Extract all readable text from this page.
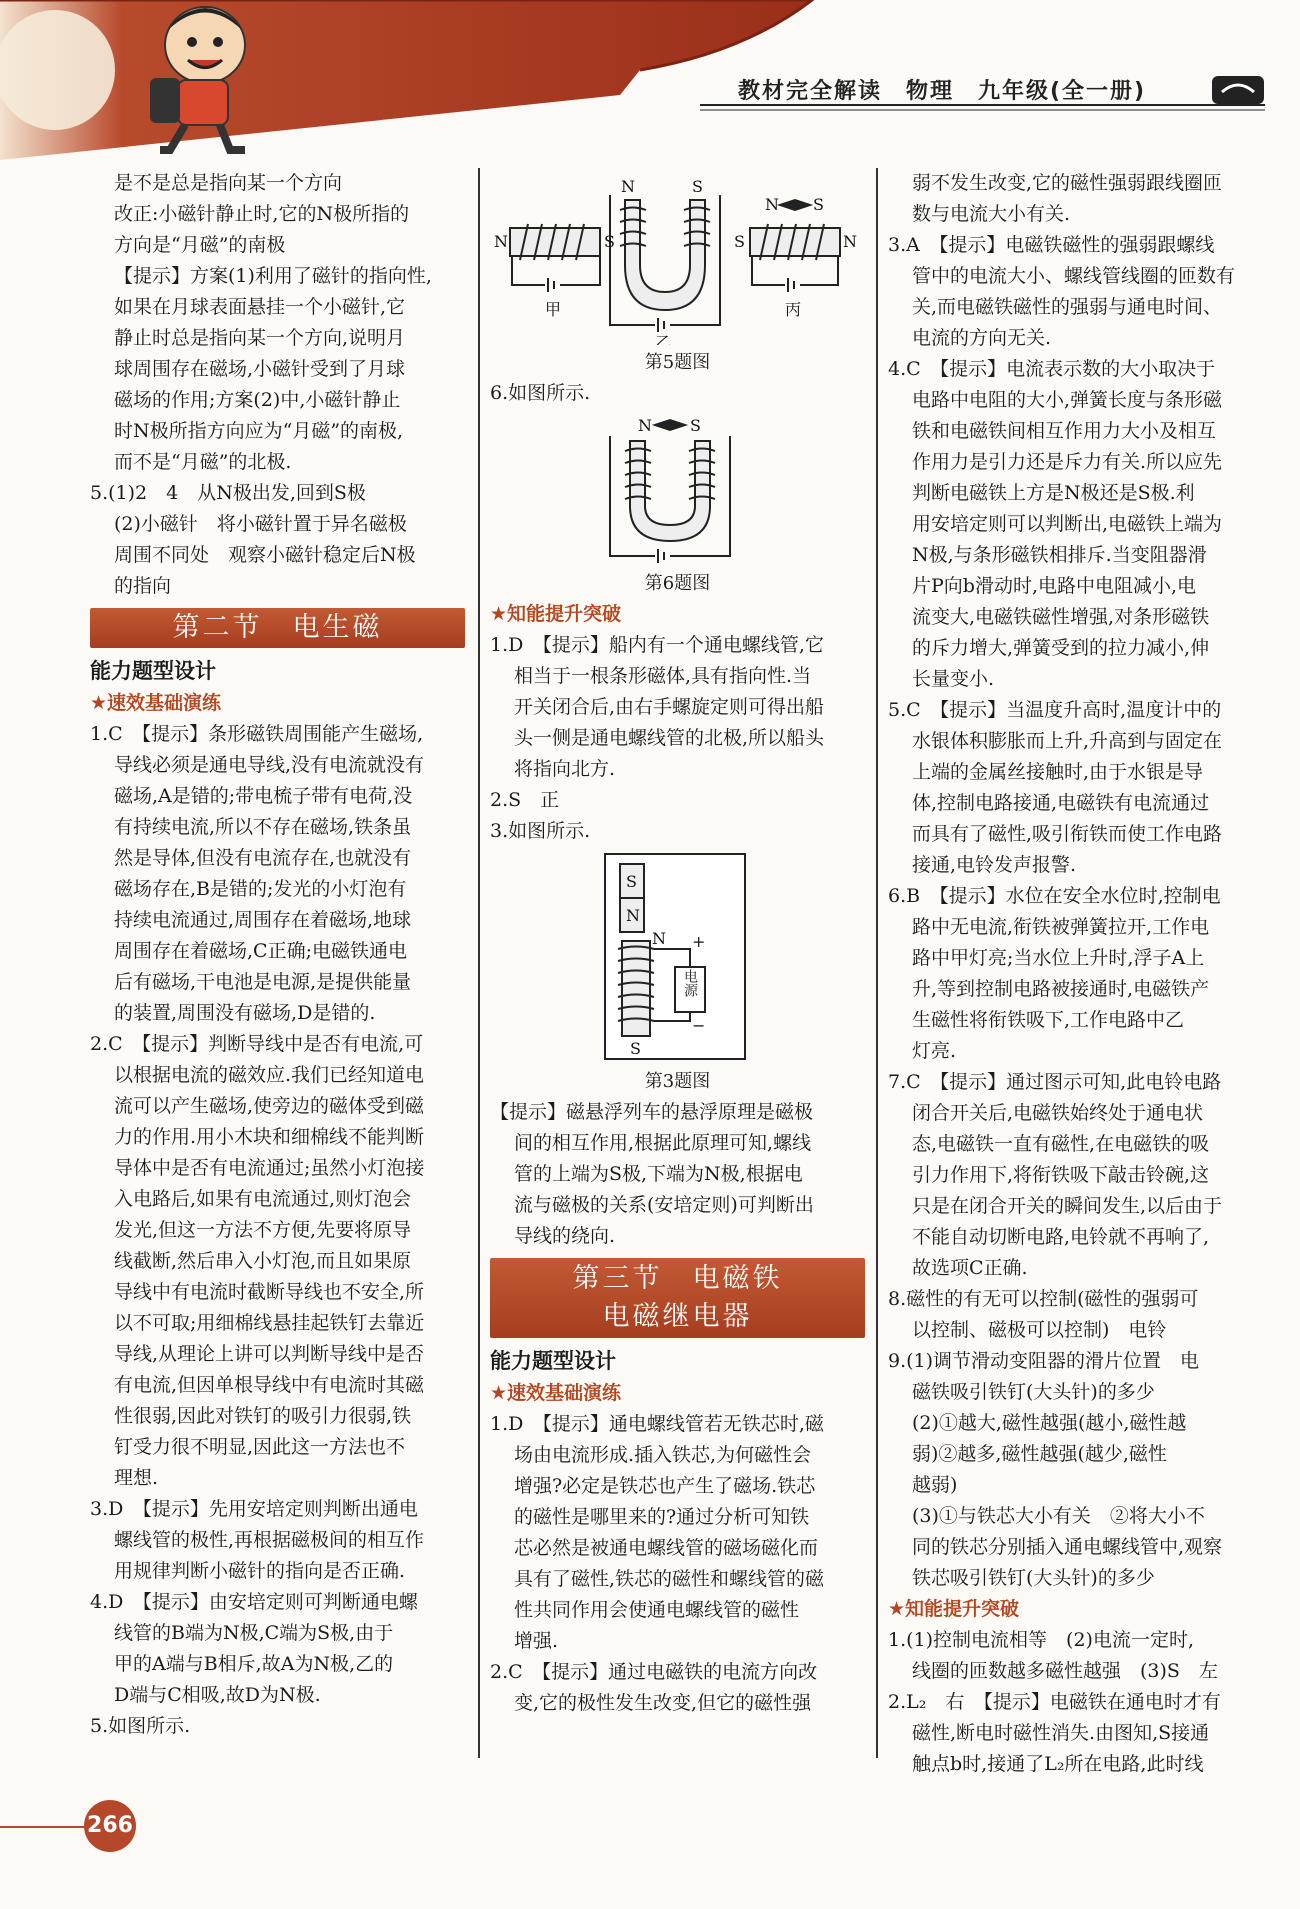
教材完全解读　物理　九年级(全一册)

是不是总是指向某一个方向

改正:小磁针静止时,它的N极所指的

方向是“月磁”的南极

【提示】方案(1)利用了磁针的指向性,

如果在月球表面悬挂一个小磁针,它

静止时总是指向某一个方向,说明月

球周围存在磁场,小磁针受到了月球

磁场的作用;方案(2)中,小磁针静止

时N极所指方向应为“月磁”的南极,

而不是“月磁”的北极.

5.(1)2　4　从N极出发,回到S极

(2)小磁针　将小磁针置于异名磁极

周围不同处　观察小磁针稳定后N极

的指向

第二节　电生磁
能力题型设计
★速效基础演练

1.C　【提示】条形磁铁周围能产生磁场,

导线必须是通电导线,没有电流就没有

磁场,A是错的;带电梳子带有电荷,没

有持续电流,所以不存在磁场,铁条虽

然是导体,但没有电流存在,也就没有

磁场存在,B是错的;发光的小灯泡有

持续电流通过,周围存在着磁场,地球

周围存在着磁场,C正确;电磁铁通电

后有磁场,干电池是电源,是提供能量

的装置,周围没有磁场,D是错的.

2.C　【提示】判断导线中是否有电流,可

以根据电流的磁效应.我们已经知道电

流可以产生磁场,使旁边的磁体受到磁

力的作用.用小木块和细棉线不能判断

导体中是否有电流通过;虽然小灯泡接

入电路后,如果有电流通过,则灯泡会

发光,但这一方法不方便,先要将原导

线截断,然后串入小灯泡,而且如果原

导线中有电流时截断导线也不安全,所

以不可取;用细棉线悬挂起铁钉去靠近

导线,从理论上讲可以判断导线中是否

有电流,但因单根导线中有电流时其磁

性很弱,因此对铁钉的吸引力很弱,铁

钉受力很不明显,因此这一方法也不

理想.

3.D　【提示】先用安培定则判断出通电

螺线管的极性,再根据磁极间的相互作

用规律判断小磁针的指向是否正确.

4.D　【提示】由安培定则可判断通电螺

线管的B端为N极,C端为S极,由于

甲的A端与B相斥,故A为N极,乙的

D端与C相吸,故D为N极.

5.如图所示.

N	S
N	S
S	N
N S
甲
乙
丙
第5题图

6.如图所示.

N S
第6题图
★知能提升突破

1.D　【提示】船内有一个通电螺线管,它

相当于一根条形磁体,具有指向性.当

开关闭合后,由右手螺旋定则可得出船

头一侧是通电螺线管的北极,所以船头

将指向北方.

2.S　正

3.如图所示.

S
N
N
S
+
−
电源
第3题图

【提示】磁悬浮列车的悬浮原理是磁极

间的相互作用,根据此原理可知,螺线

管的上端为S极,下端为N极,根据电

流与磁极的关系(安培定则)可判断出

导线的绕向.

第三节　电磁铁
电磁继电器
能力题型设计
★速效基础演练

1.D　【提示】通电螺线管若无铁芯时,磁

场由电流形成.插入铁芯,为何磁性会

增强?必定是铁芯也产生了磁场.铁芯

的磁性是哪里来的?通过分析可知铁

芯必然是被通电螺线管的磁场磁化而

具有了磁性,铁芯的磁性和螺线管的磁

性共同作用会使通电螺线管的磁性

增强.

2.C　【提示】通过电磁铁的电流方向改

变,它的极性发生改变,但它的磁性强

弱不发生改变,它的磁性强弱跟线圈匝

数与电流大小有关.

3.A　【提示】电磁铁磁性的强弱跟螺线

管中的电流大小、螺线管线圈的匝数有

关,而电磁铁磁性的强弱与通电时间、

电流的方向无关.

4.C　【提示】电流表示数的大小取决于

电路中电阻的大小,弹簧长度与条形磁

铁和电磁铁间相互作用力大小及相互

作用力是引力还是斥力有关.所以应先

判断电磁铁上方是N极还是S极.利

用安培定则可以判断出,电磁铁上端为

N极,与条形磁铁相排斥.当变阻器滑

片P向b滑动时,电路中电阻减小,电

流变大,电磁铁磁性增强,对条形磁铁

的斥力增大,弹簧受到的拉力减小,伸

长量变小.

5.C　【提示】当温度升高时,温度计中的

水银体积膨胀而上升,升高到与固定在

上端的金属丝接触时,由于水银是导

体,控制电路接通,电磁铁有电流通过

而具有了磁性,吸引衔铁而使工作电路

接通,电铃发声报警.

6.B　【提示】水位在安全水位时,控制电

路中无电流,衔铁被弹簧拉开,工作电

路中甲灯亮;当水位上升时,浮子A上

升,等到控制电路被接通时,电磁铁产

生磁性将衔铁吸下,工作电路中乙

灯亮.

7.C　【提示】通过图示可知,此电铃电路

闭合开关后,电磁铁始终处于通电状

态,电磁铁一直有磁性,在电磁铁的吸

引力作用下,将衔铁吸下敲击铃碗,这

只是在闭合开关的瞬间发生,以后由于

不能自动切断电路,电铃就不再响了,

故选项C正确.

8.磁性的有无可以控制(磁性的强弱可

以控制、磁极可以控制)　电铃

9.(1)调节滑动变阻器的滑片位置　电

磁铁吸引铁钉(大头针)的多少

(2)①越大,磁性越强(越小,磁性越

弱)②越多,磁性越强(越少,磁性

越弱)

(3)①与铁芯大小有关　②将大小不

同的铁芯分别插入通电螺线管中,观察

铁芯吸引铁钉(大头针)的多少

★知能提升突破

1.(1)控制电流相等　(2)电流一定时,

线圈的匝数越多磁性越强　(3)S　左

2.L₂　右　【提示】电磁铁在通电时才有

磁性,断电时磁性消失.由图知,S接通

触点b时,接通了L₂所在电路,此时线

266
